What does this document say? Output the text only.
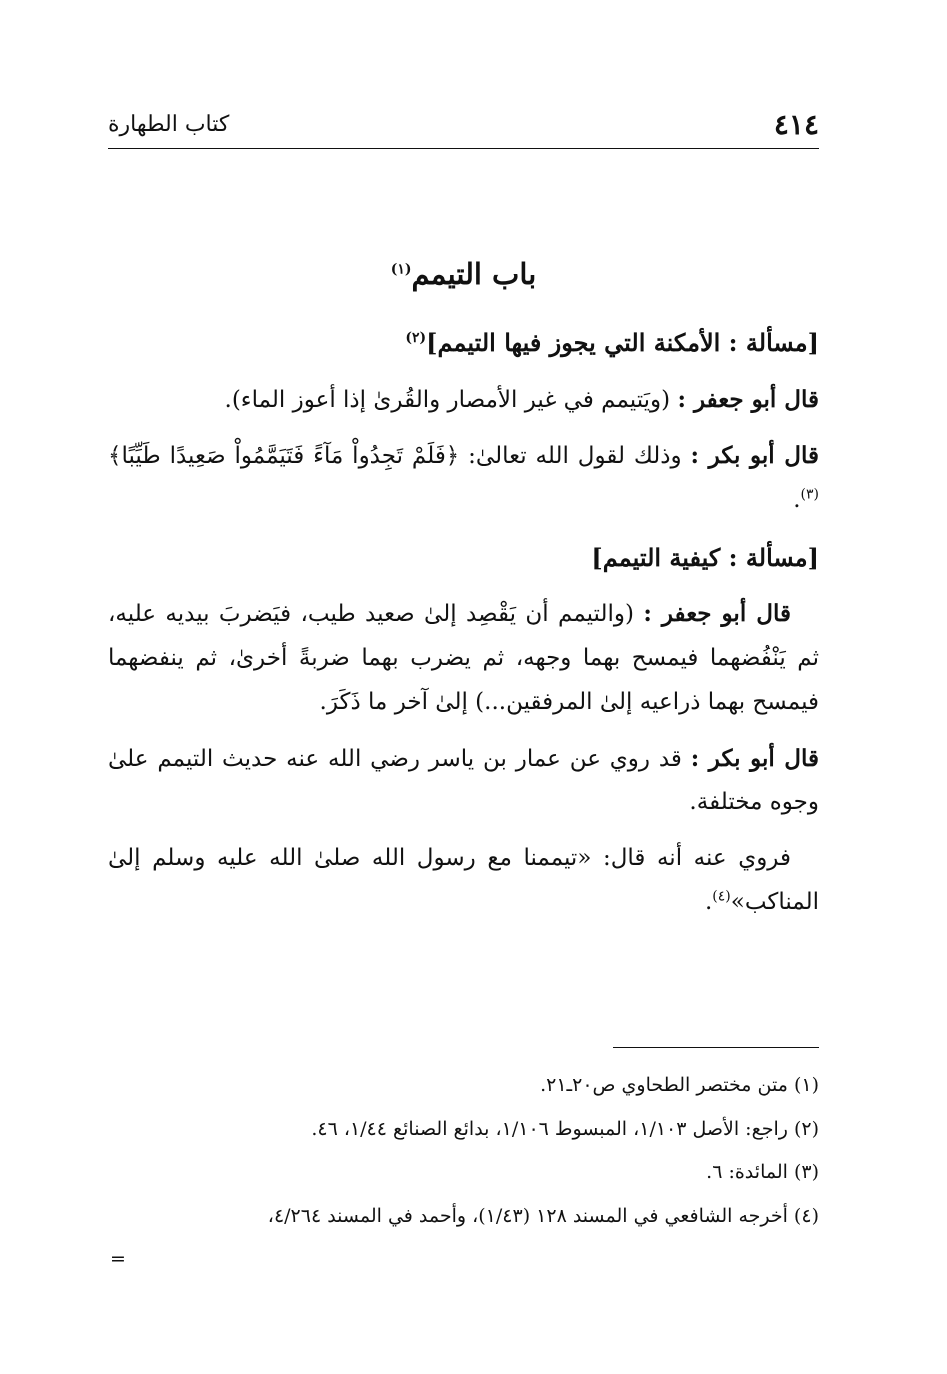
٤١٤
كتاب الطهارة
باب التيمم$^{(١)}$
[مسألة : الأمكنة التي يجوز فيها التيمم]$^{(٢)}$

قال أبو جعفر : (ويَتيمم في غير الأمصار والقُرىٰ إذا أعوز الماء).

قال أبو بكر : وذلك لقول الله تعالىٰ: ﴿فَلَمْ تَجِدُواْ مَآءً فَتَيَمَّمُواْ صَعِيدًا طَيِّبًا﴾$^{(٣)}$.

[مسألة : كيفية التيمم]

قال أبو جعفر : (والتيمم أن يَقْصِد إلىٰ صعيد طيب، فيَضربَ بيديه عليه، ثم يَنْفُضهما فيمسح بهما وجهه، ثم يضرب بهما ضربةً أخرىٰ، ثم ينفضهما فيمسح بهما ذراعيه إلىٰ المرفقين...) إلىٰ آخر ما ذَكَرَ.

قال أبو بكر : قد روي عن عمار بن ياسر رضي الله عنه حديث التيمم علىٰ وجوه مختلفة.

فروي عنه أنه قال: «تيممنا مع رسول الله صلىٰ الله عليه وسلم إلىٰ المناكب»$^{(٤)}$.

(١) متن مختصر الطحاوي ص٢٠ـ٢١.

(٢) راجع: الأصل ١/١٠٣، المبسوط ١/١٠٦، بدائع الصنائع ١/٤٤، ٤٦.

(٣) المائدة: ٦.

(٤) أخرجه الشافعي في المسند ١٢٨ (١/٤٣)، وأحمد في المسند ٤/٢٦٤،

=
